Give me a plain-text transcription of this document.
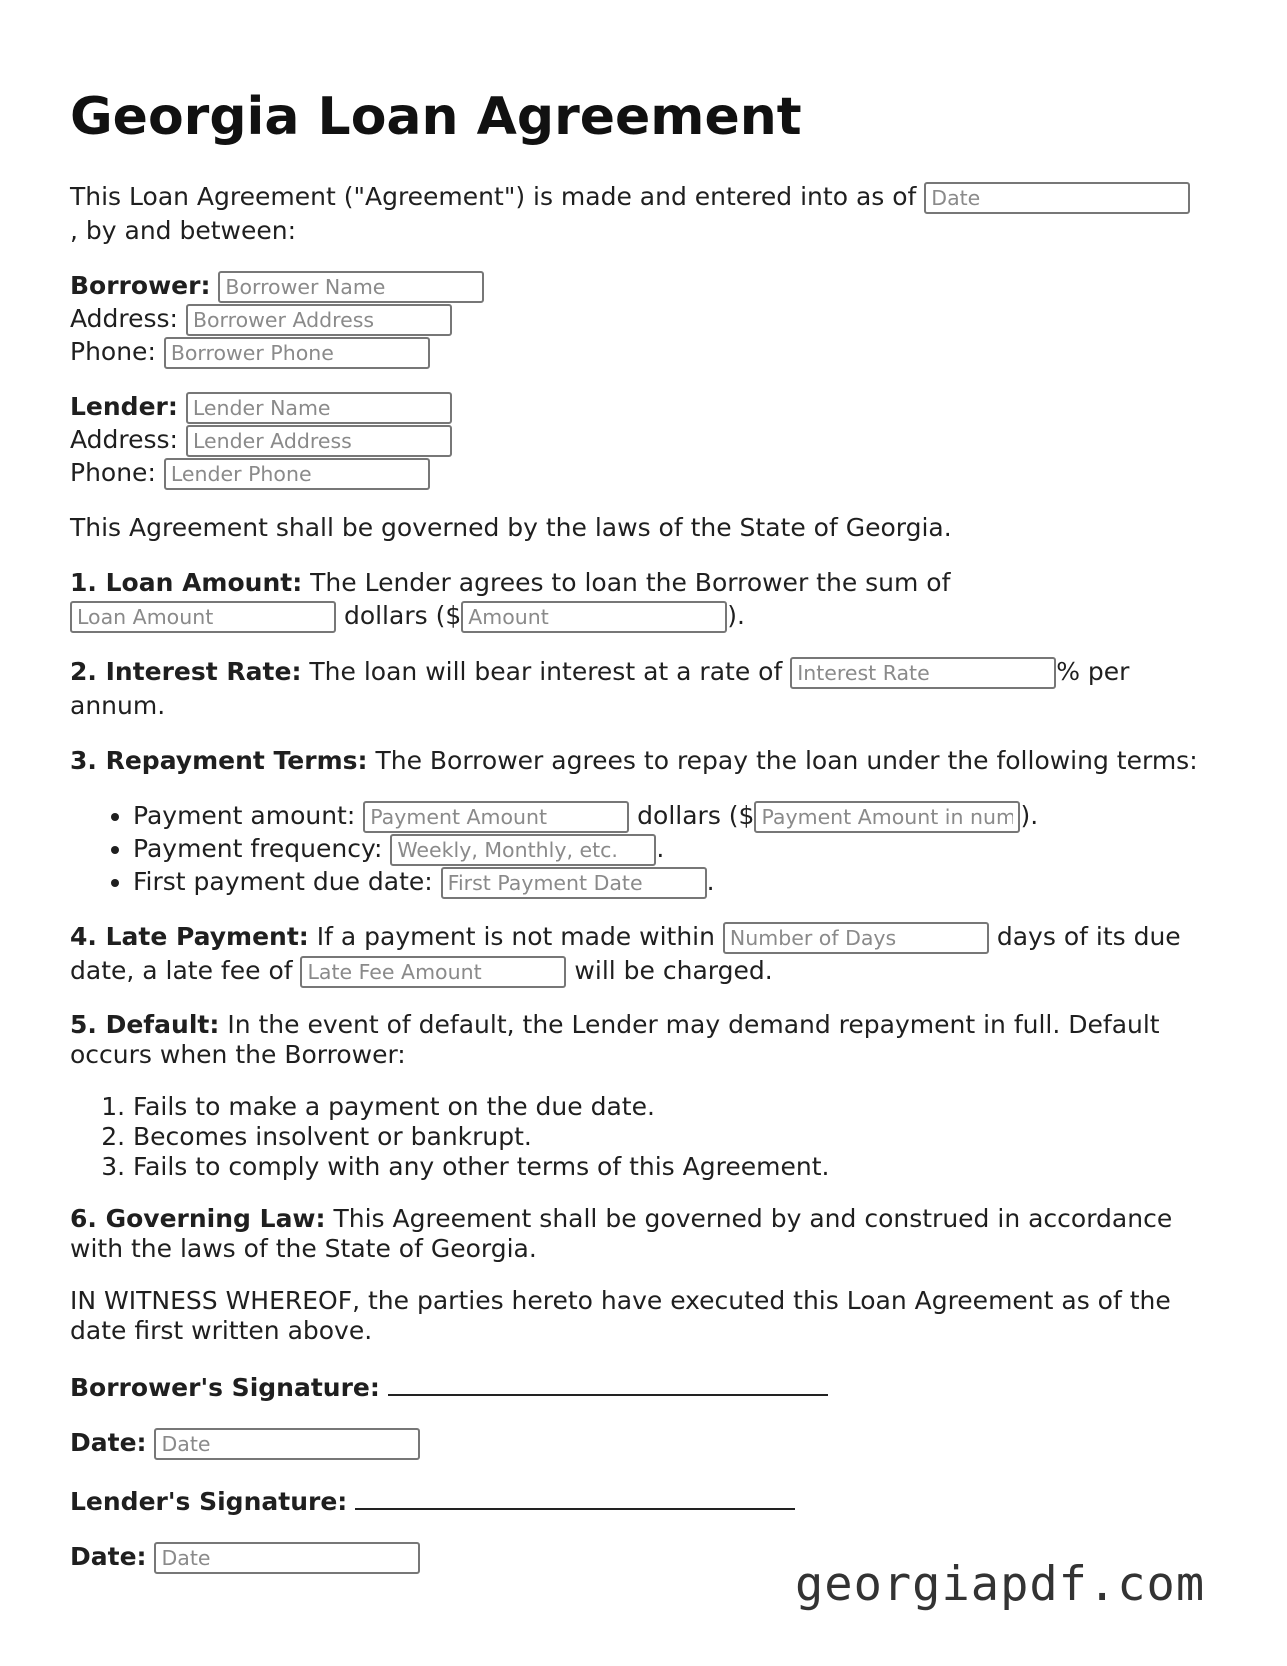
Georgia Loan Agreement

This Loan Agreement ("Agreement") is made and entered into as of Date
, by and between:

Borrower: Borrower Name
Address: Borrower Address
Phone: Borrower Phone
Lender: Lender Name
Address: Lender Address
Phone: Lender Phone

This Agreement shall be governed by the laws of the State of Georgia.

1. Loan Amount: The Lender agrees to loan the Borrower the sum of
Loan Amount dollars ($Amount	).

2. Interest Rate: The loan will bear interest at a rate of Interest Rate	% per annum.

3. Repayment Terms: The Borrower agrees to repay the loan under the following terms:

• Payment amount: Payment Amount	dollars ($Payment Amount in numbers	).
• Payment frequency: Weekly, Monthly, etc.	.
• First payment due date: First Payment Date	.

4. Late Payment: If a payment is not made within Number of Days	days of its due date, a late fee of Late Fee Amount	will be charged.

5. Default: In the event of default, the Lender may demand repayment in full. Default occurs when the Borrower:

1. Fails to make a payment on the due date.
2. Becomes insolvent or bankrupt.
3. Fails to comply with any other terms of this Agreement.

6. Governing Law: This Agreement shall be governed by and construed in accordance with the laws of the State of Georgia.

IN WITNESS WHEREOF, the parties hereto have executed this Loan Agreement as of the date first written above.

Borrower's Signature:

Date: Date

Lender's Signature:

Date: Date

georgiapdf.com
